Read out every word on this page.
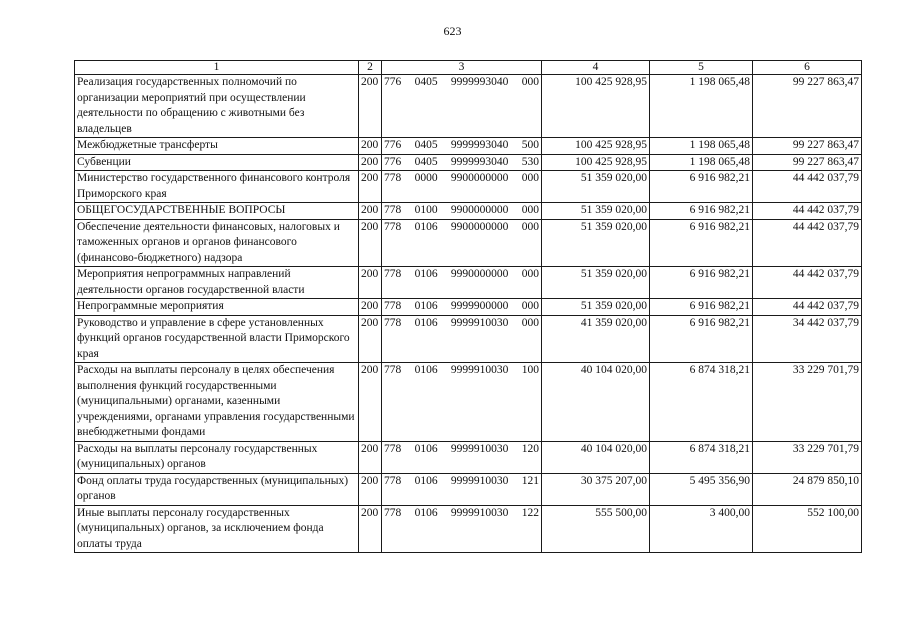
623
1	2	3	4	5	6
Реализация государственных полномочий по организации мероприятий при осуществлении деятельности по обращению с животными без владельцев	200	776 0405 9999993040 000	100 425 928,95	1 198 065,48	99 227 863,47
Межбюджетные трансферты	200	776 0405 9999993040 500	100 425 928,95	1 198 065,48	99 227 863,47
Субвенции	200	776 0405 9999993040 530	100 425 928,95	1 198 065,48	99 227 863,47
Министерство государственного финансового контроля Приморского края	200	778 0000 9900000000 000	51 359 020,00	6 916 982,21	44 442 037,79
ОБЩЕГОСУДАРСТВЕННЫЕ ВОПРОСЫ	200	778 0100 9900000000 000	51 359 020,00	6 916 982,21	44 442 037,79
Обеспечение деятельности финансовых, налоговых и таможенных органов и органов финансового (финансово-бюджетного) надзора	200	778 0106 9900000000 000	51 359 020,00	6 916 982,21	44 442 037,79
Мероприятия непрограммных направлений деятельности органов государственной власти	200	778 0106 9990000000 000	51 359 020,00	6 916 982,21	44 442 037,79
Непрограммные мероприятия	200	778 0106 9999900000 000	51 359 020,00	6 916 982,21	44 442 037,79
Руководство и управление в сфере установленных функций органов государственной власти Приморского края	200	778 0106 9999910030 000	41 359 020,00	6 916 982,21	34 442 037,79
Расходы на выплаты персоналу в целях обеспечения выполнения функций государственными (муниципальными) органами, казенными учреждениями, органами управления государственными внебюджетными фондами	200	778 0106 9999910030 100	40 104 020,00	6 874 318,21	33 229 701,79
Расходы на выплаты персоналу государственных (муниципальных) органов	200	778 0106 9999910030 120	40 104 020,00	6 874 318,21	33 229 701,79
Фонд оплаты труда государственных (муниципальных) органов	200	778 0106 9999910030 121	30 375 207,00	5 495 356,90	24 879 850,10
Иные выплаты персоналу государственных (муниципальных) органов, за исключением фонда оплаты труда	200	778 0106 9999910030 122	555 500,00	3 400,00	552 100,00
